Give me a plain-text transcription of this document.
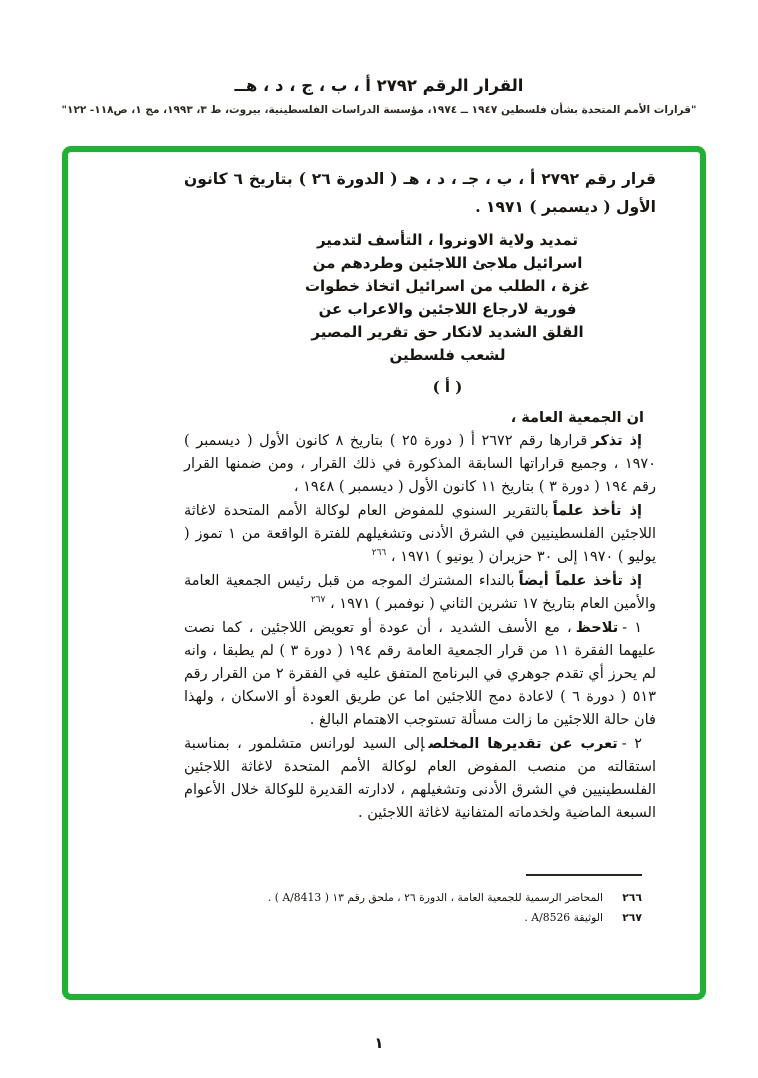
القرار الرقم ٢٧٩٢ أ ، ب ، ج ، د ، هــ
"قرارات الأمم المتحدة بشأن فلسطين ١٩٤٧ ــ ١٩٧٤، مؤسسة الدراسات الفلسطينية، بيروت، ط ٣، ١٩٩٣، مج ١، ص١١٨- ١٢٢"

قرار رقم ٢٧٩٢ أ ، ب ، جـ ، د ، هـ ( الدورة ٢٦ ) بتاريخ ٦ كانون الأول ( ديسمبر ) ١٩٧١ .

تمديد ولاية الاونروا ، التأسف لتدمير
اسرائيل ملاجئ اللاجئين وطردهم من
غزة ، الطلب من اسرائيل اتخاذ خطوات
فورية لارجاع اللاجئين والاعراب عن
القلق الشديد لانكار حق تقرير المصير
لشعب فلسطين
( أ )

ان الجمعية العامة ،

إذ تذكرقرارها رقم ٢٦٧٢ أ ( دورة ٢٥ ) بتاريخ ٨ كانون الأول ( ديسمبر ) ١٩٧٠ ، وجميع قراراتها السابقة المذكورة في ذلك القرار ، ومن ضمنها القرار رقم ١٩٤ ( دورة ٣ ) بتاريخ ١١ كانون الأول ( ديسمبر ) ١٩٤٨ ،

إذ تأخذ علماًبالتقرير السنوي للمفوض العام لوكالة الأمم المتحدة لاغاثة اللاجئين الفلسطينيين في الشرق الأدنى وتشغيلهم للفترة الواقعة من ١ تموز ( يوليو ) ١٩٧٠ إلى ٣٠ حزيران ( يونيو ) ١٩٧١ ، $^{٢٦٦}$

إذ تأخذ علماً أيضاًبالنداء المشترك الموجه من قبل رئيس الجمعية العامة والأمين العام بتاريخ ١٧ تشرين الثاني ( نوفمبر ) ١٩٧١ ، $^{٢٦٧}$

١ -تلاحظ، مع الأسف الشديد ، أن عودة أو تعويض اللاجئين ، كما نصت عليهما الفقرة ١١ من قرار الجمعية العامة رقم ١٩٤ ( دورة ٣ ) لم يطبقا ، وانه لم يحرز أي تقدم جوهري في البرنامج المتفق عليه في الفقرة ٢ من القرار رقم ٥١٣ ( دورة ٦ ) لاعادة دمج اللاجئين اما عن طريق العودة أو الاسكان ، ولهذا فان حالة اللاجئين ما زالت مسألة تستوجب الاهتمام البالغ .

٢ -تعرب عن تقديرها المخلصإلى السيد لورانس متشلمور ، بمناسبة استقالته من منصب المفوض العام لوكالة الأمم المتحدة لاغاثة اللاجئين الفلسطينيين في الشرق الأدنى وتشغيلهم ، لادارته القديرة للوكالة خلال الأعوام السبعة الماضية ولخدماته المتفانية لاغاثة اللاجئين .

٢٦٦
المحاضر الرسمية للجمعية العامة ، الدورة ٢٦ ، ملحق رقم ١٣ ( A/8413 ) .
٢٦٧
الوثيقة A/8526 .
١
